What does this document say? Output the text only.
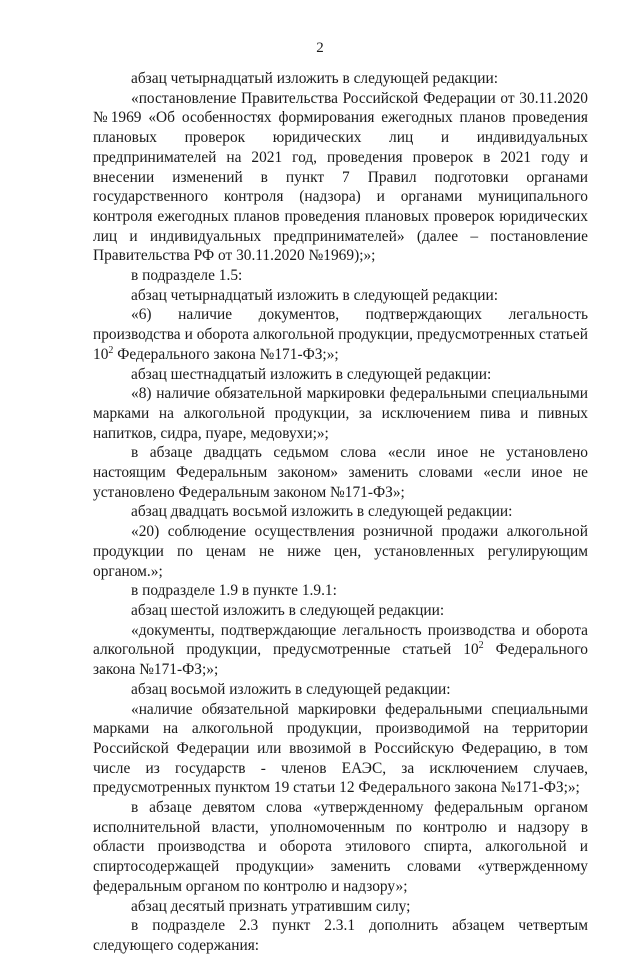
2

абзац четырнадцатый изложить в следующей редакции:

«постановление Правительства Российской Федерации от 30.11.2020 №1969 «Об особенностях формирования ежегодных планов проведения плановых проверок юридических лиц и индивидуальных предпринимателей на 2021 год, проведения проверок в 2021 году и внесении изменений в пункт 7 Правил подготовки органами государственного контроля (надзора) и органами муниципального контроля ежегодных планов проведения плановых проверок юридических лиц и индивидуальных предпринимателей» (далее – постановление Правительства РФ от 30.11.2020 №1969);»;

в подразделе 1.5:

абзац четырнадцатый изложить в следующей редакции:

«6) наличие документов, подтверждающих легальность производства и оборота алкогольной продукции, предусмотренных статьей $10^2$ Федерального закона №171-ФЗ;»;

абзац шестнадцатый изложить в следующей редакции:

«8) наличие обязательной маркировки федеральными специальными марками на алкогольной продукции, за исключением пива и пивных напитков, сидра, пуаре, медовухи;»;

в абзаце двадцать седьмом слова «если иное не установлено настоящим Федеральным законом» заменить словами «если иное не установлено Федеральным законом №171-ФЗ»;

абзац двадцать восьмой изложить в следующей редакции:

«20) соблюдение осуществления розничной продажи алкогольной продукции по ценам не ниже цен, установленных регулирующим органом.»;

в подразделе 1.9 в пункте 1.9.1:

абзац шестой изложить в следующей редакции:

«документы, подтверждающие легальность производства и оборота алкогольной продукции, предусмотренные статьей $10^2$ Федерального закона №171-ФЗ;»;

абзац восьмой изложить в следующей редакции:

«наличие обязательной маркировки федеральными специальными марками на алкогольной продукции, производимой на территории Российской Федерации или ввозимой в Российскую Федерацию, в том числе из государств - членов ЕАЭС, за исключением случаев, предусмотренных пунктом 19 статьи 12 Федерального закона №171-ФЗ;»;

в абзаце девятом слова «утвержденному федеральным органом исполнительной власти, уполномоченным по контролю и надзору в области производства и оборота этилового спирта, алкогольной и спиртосодержащей продукции» заменить словами «утвержденному федеральным органом по контролю и надзору»;

абзац десятый признать утратившим силу;

в подразделе 2.3 пункт 2.3.1 дополнить абзацем четвертым следующего содержания:
